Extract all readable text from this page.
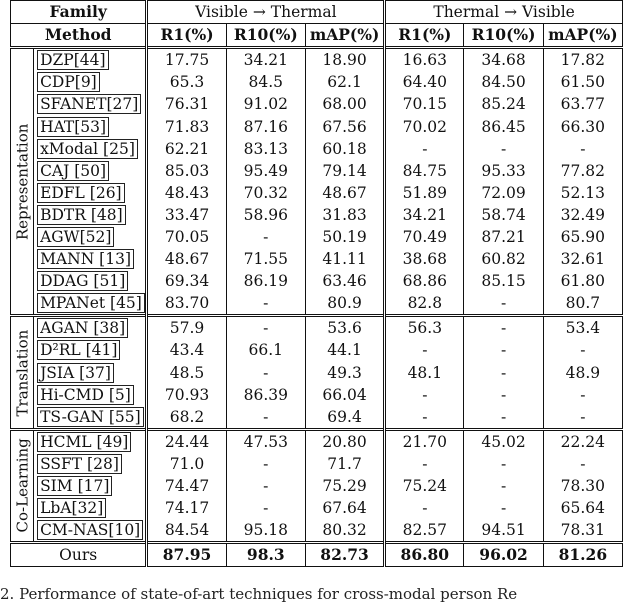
Family		Visible → Thermal			Thermal → Visible		
Method		R1(%)	R10(%)	mAP(%)	R1(%)	R10(%)	mAP(%)
Representation	DZP[44]	17.75	34.21	18.90	16.63	34.68	17.82
	CDP[9]	65.3	84.5	62.1	64.40	84.50	61.50
	SFANET[27]	76.31	91.02	68.00	70.15	85.24	63.77
	HAT[53]	71.83	87.16	67.56	70.02	86.45	66.30
	xModal [25]	62.21	83.13	60.18	-	-	-
	CAJ [50]	85.03	95.49	79.14	84.75	95.33	77.82
	EDFL [26]	48.43	70.32	48.67	51.89	72.09	52.13
	BDTR [48]	33.47	58.96	31.83	34.21	58.74	32.49
	AGW[52]	70.05	-	50.19	70.49	87.21	65.90
	MANN [13]	48.67	71.55	41.11	38.68	60.82	32.61
	DDAG [51]	69.34	86.19	63.46	68.86	85.15	61.80
	MPANet [45]	83.70	-	80.9	82.8	-	80.7
Translation	AGAN [38]	57.9	-	53.6	56.3	-	53.4
	D²RL [41]	43.4	66.1	44.1	-	-	-
	JSIA [37]	48.5	-	49.3	48.1	-	48.9
	Hi-CMD [5]	70.93	86.39	66.04	-	-	-
	TS-GAN [55]	68.2	-	69.4	-	-	-
Co-Learning	HCML [49]	24.44	47.53	20.80	21.70	45.02	22.24
	SSFT [28]	71.0	-	71.7	-	-	-
	SIM [17]	74.47	-	75.29	75.24	-	78.30
	LbA[32]	74.17	-	67.64	-	-	65.64
	CM-NAS[10]	84.54	95.18	80.32	82.57	94.51	78.31
Ours		87.95	98.3	82.73	86.80	96.02	81.26
2. Performance of state-of-art techniques for cross-modal person Re
